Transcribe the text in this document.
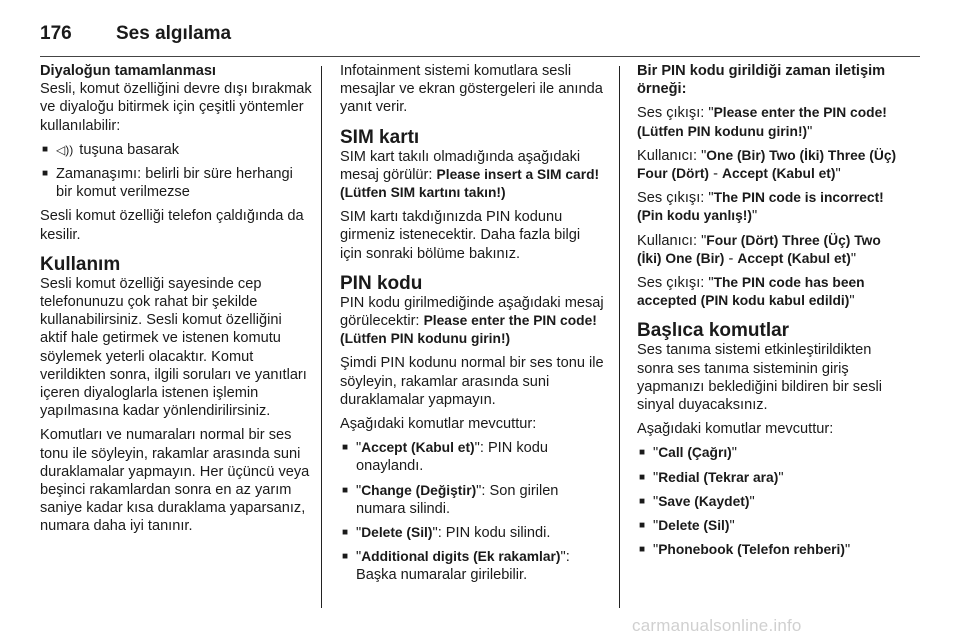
176	Ses algılama

Diyaloğun tamamlanması

Sesli, komut özelliğini devre dışı bırakmak ve diyaloğu bitirmek için çeşitli yöntemler kullanılabilir:

■ ◁)) tuşuna basarak
■ Zamanaşımı: belirli bir süre herhangi bir komut verilmezse

Sesli komut özelliği telefon çaldığında da kesilir.

Kullanım

Sesli komut özelliği sayesinde cep telefonunuzu çok rahat bir şekilde kullanabilirsiniz. Sesli komut özelliğini aktif hale getirmek ve istenen komutu söylemek yeterli olacaktır. Komut verildikten sonra, ilgili soruları ve yanıtları içeren diyaloglarla istenen işlemin yapılmasına kadar yönlendirilirsiniz.

Komutları ve numaraları normal bir ses tonu ile söyleyin, rakamlar arasında suni duraklamalar yapmayın. Her üçüncü veya beşinci rakamlardan sonra en az yarım saniye kadar kısa duraklama yaparsanız, numara daha iyi tanınır.

Infotainment sistemi komutlara sesli mesajlar ve ekran göstergeleri ile anında yanıt verir.

SIM kartı

SIM kart takılı olmadığında aşağıdaki mesaj görülür: Please insert a SIM card! (Lütfen SIM kartını takın!)

SIM kartı takdığınızda PIN kodunu girmeniz istenecektir. Daha fazla bilgi için sonraki bölüme bakınız.

PIN kodu

PIN kodu girilmediğinde aşağıdaki mesaj görülecektir: Please enter the PIN code! (Lütfen PIN kodunu girin!)

Şimdi PIN kodunu normal bir ses tonu ile söyleyin, rakamlar arasında suni duraklamalar yapmayın.

Aşağıdaki komutlar mevcuttur:

■ "Accept (Kabul et)": PIN kodu onaylandı.
■ "Change (Değiştir)": Son girilen numara silindi.
■ "Delete (Sil)": PIN kodu silindi.
■ "Additional digits (Ek rakamlar)": Başka numaralar girilebilir.

Bir PIN kodu girildiği zaman iletişim örneği:

Ses çıkışı: "Please enter the PIN code! (Lütfen PIN kodunu girin!)"

Kullanıcı: "One (Bir) Two (İki) Three (Üç) Four (Dört) - Accept (Kabul et)"

Ses çıkışı: "The PIN code is incorrect! (Pin kodu yanlış!)"

Kullanıcı: "Four (Dört) Three (Üç) Two (İki) One (Bir) - Accept (Kabul et)"

Ses çıkışı: "The PIN code has been accepted (PIN kodu kabul edildi)"

Başlıca komutlar

Ses tanıma sistemi etkinleştirildikten sonra ses tanıma sisteminin giriş yapmanızı beklediğini bildiren bir sesli sinyal duyacaksınız.

Aşağıdaki komutlar mevcuttur:

■ "Call (Çağrı)"
■ "Redial (Tekrar ara)"
■ "Save (Kaydet)"
■ "Delete (Sil)"
■ "Phonebook (Telefon rehberi)"
carmanualsonline.info
